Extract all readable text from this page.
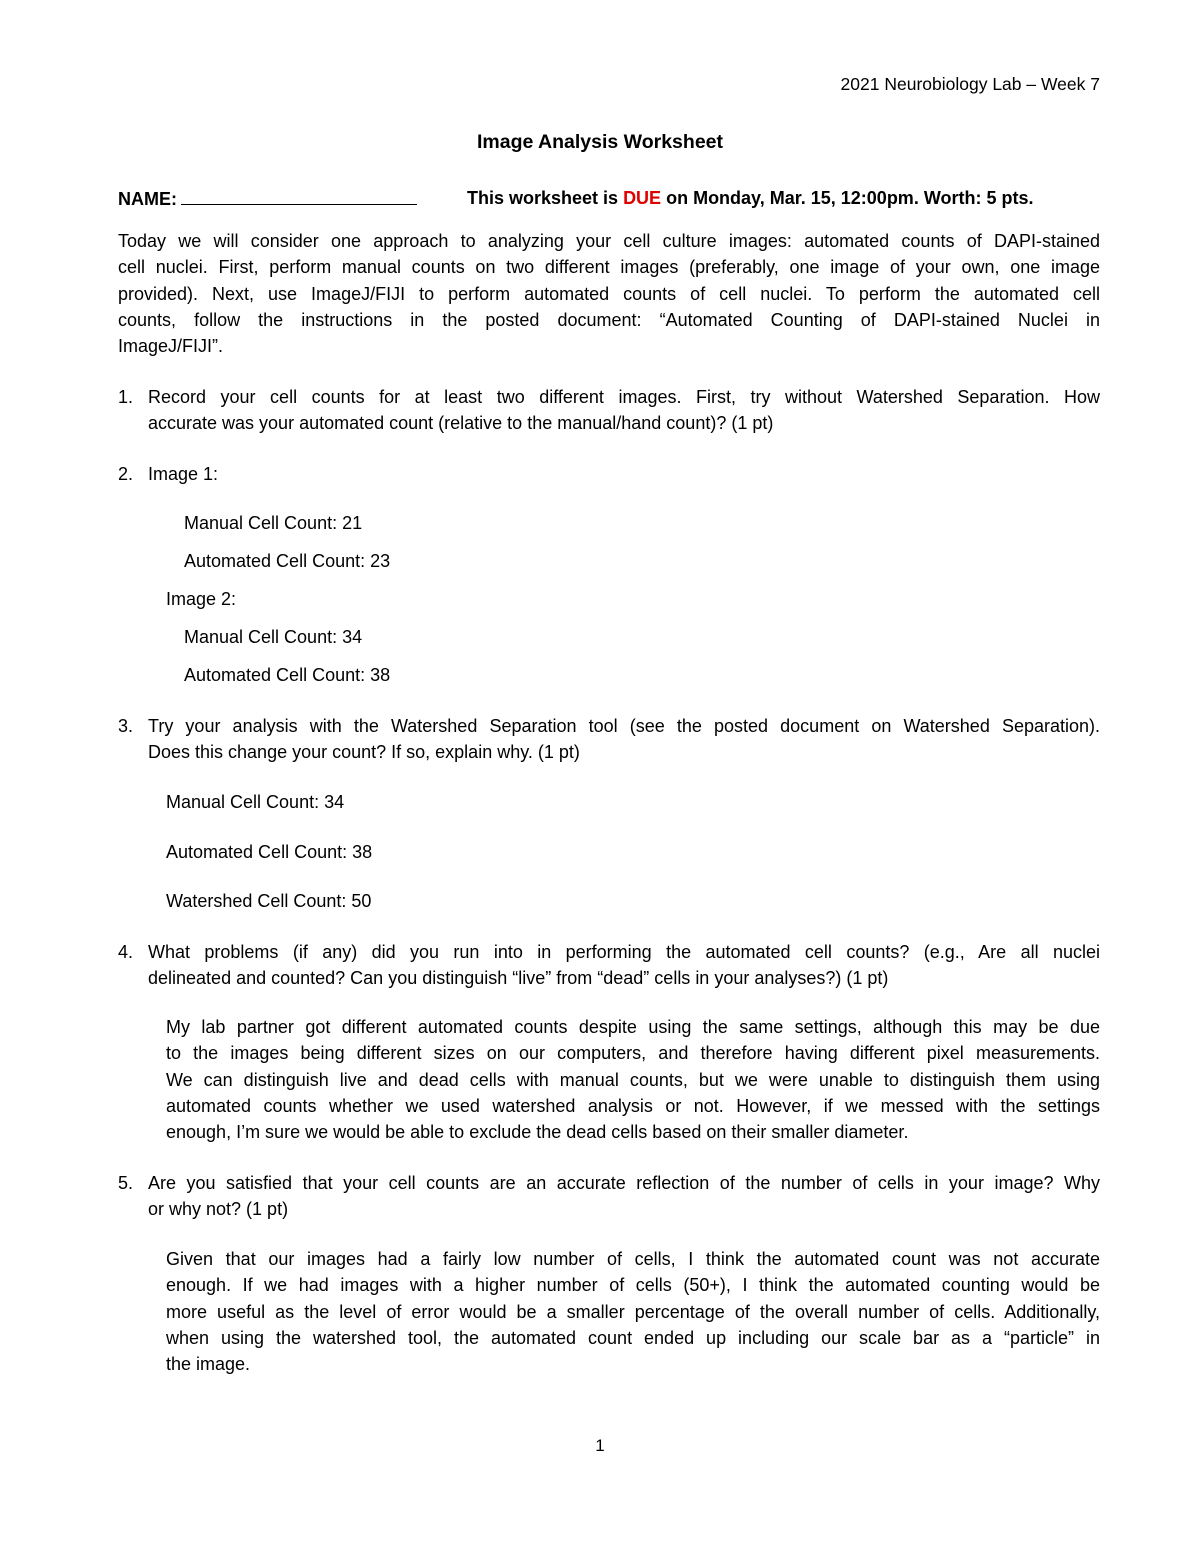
2021 Neurobiology Lab – Week 7
Image Analysis Worksheet
NAME:	This worksheet is DUE on Monday, Mar. 15, 12:00pm. Worth: 5 pts.
Today we will consider one approach to analyzing your cell culture images: automated counts of DAPI-stained
cell nuclei. First, perform manual counts on two different images (preferably, one image of your own, one image
provided). Next, use ImageJ/FIJI to perform automated counts of cell nuclei. To perform the automated cell
counts, follow the instructions in the posted document: “Automated Counting of DAPI-stained Nuclei in
ImageJ/FIJI”.
1. Record your cell counts for at least two different images. First, try without Watershed Separation. How
accurate was your automated count (relative to the manual/hand count)? (1 pt)
2. Image 1:
Manual Cell Count: 21
Automated Cell Count: 23
Image 2:
Manual Cell Count: 34
Automated Cell Count: 38
3. Try your analysis with the Watershed Separation tool (see the posted document on Watershed Separation).
Does this change your count? If so, explain why. (1 pt)
Manual Cell Count: 34
Automated Cell Count: 38
Watershed Cell Count: 50
4. What problems (if any) did you run into in performing the automated cell counts? (e.g., Are all nuclei
delineated and counted? Can you distinguish “live” from “dead” cells in your analyses?) (1 pt)
My lab partner got different automated counts despite using the same settings, although this may be due
to the images being different sizes on our computers, and therefore having different pixel measurements.
We can distinguish live and dead cells with manual counts, but we were unable to distinguish them using
automated counts whether we used watershed analysis or not. However, if we messed with the settings
enough, I’m sure we would be able to exclude the dead cells based on their smaller diameter.
5. Are you satisfied that your cell counts are an accurate reflection of the number of cells in your image? Why
or why not? (1 pt)
Given that our images had a fairly low number of cells, I think the automated count was not accurate
enough. If we had images with a higher number of cells (50+), I think the automated counting would be
more useful as the level of error would be a smaller percentage of the overall number of cells. Additionally,
when using the watershed tool, the automated count ended up including our scale bar as a “particle” in
the image.
1
